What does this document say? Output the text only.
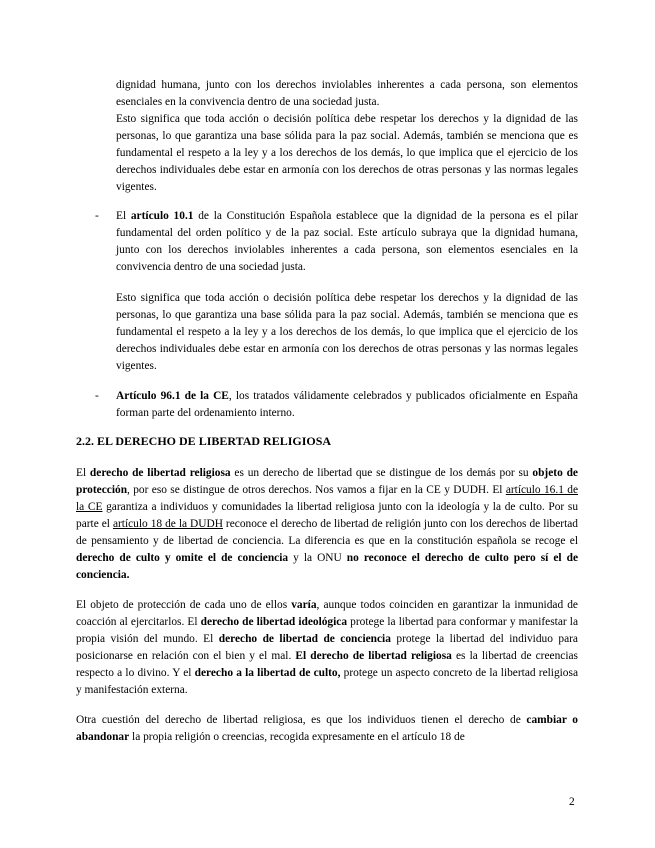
dignidad humana, junto con los derechos inviolables inherentes a cada persona, son elementos esenciales en la convivencia dentro de una sociedad justa.
Esto significa que toda acción o decisión política debe respetar los derechos y la dignidad de las personas, lo que garantiza una base sólida para la paz social. Además, también se menciona que es fundamental el respeto a la ley y a los derechos de los demás, lo que implica que el ejercicio de los derechos individuales debe estar en armonía con los derechos de otras personas y las normas legales vigentes.

- El artículo 10.1 de la Constitución Española establece que la dignidad de la persona es el pilar fundamental del orden político y de la paz social. Este artículo subraya que la dignidad humana, junto con los derechos inviolables inherentes a cada persona, son elementos esenciales en la convivencia dentro de una sociedad justa.

Esto significa que toda acción o decisión política debe respetar los derechos y la dignidad de las personas, lo que garantiza una base sólida para la paz social. Además, también se menciona que es fundamental el respeto a la ley y a los derechos de los demás, lo que implica que el ejercicio de los derechos individuales debe estar en armonía con los derechos de otras personas y las normas legales vigentes.

- Artículo 96.1 de la CE, los tratados válidamente celebrados y publicados oficialmente en España forman parte del ordenamiento interno.

2.2. EL DERECHO DE LIBERTAD RELIGIOSA

El derecho de libertad religiosa es un derecho de libertad que se distingue de los demás por su objeto de protección, por eso se distingue de otros derechos. Nos vamos a fijar en la CE y DUDH. El artículo 16.1 de la CE garantiza a individuos y comunidades la libertad religiosa junto con la ideología y la de culto. Por su parte el artículo 18 de la DUDH reconoce el derecho de libertad de religión junto con los derechos de libertad de pensamiento y de libertad de conciencia. La diferencia es que en la constitución española se recoge el derecho de culto y omite el de conciencia y la ONU no reconoce el derecho de culto pero sí el de conciencia.

El objeto de protección de cada uno de ellos varía, aunque todos coinciden en garantizar la inmunidad de coacción al ejercitarlos. El derecho de libertad ideológica protege la libertad para conformar y manifestar la propia visión del mundo. El derecho de libertad de conciencia protege la libertad del individuo para posicionarse en relación con el bien y el mal. El derecho de libertad religiosa es la libertad de creencias respecto a lo divino. Y el derecho a la libertad de culto, protege un aspecto concreto de la libertad religiosa y manifestación externa.

Otra cuestión del derecho de libertad religiosa, es que los individuos tienen el derecho de cambiar o abandonar la propia religión o creencias, recogida expresamente en el artículo 18 de

2
